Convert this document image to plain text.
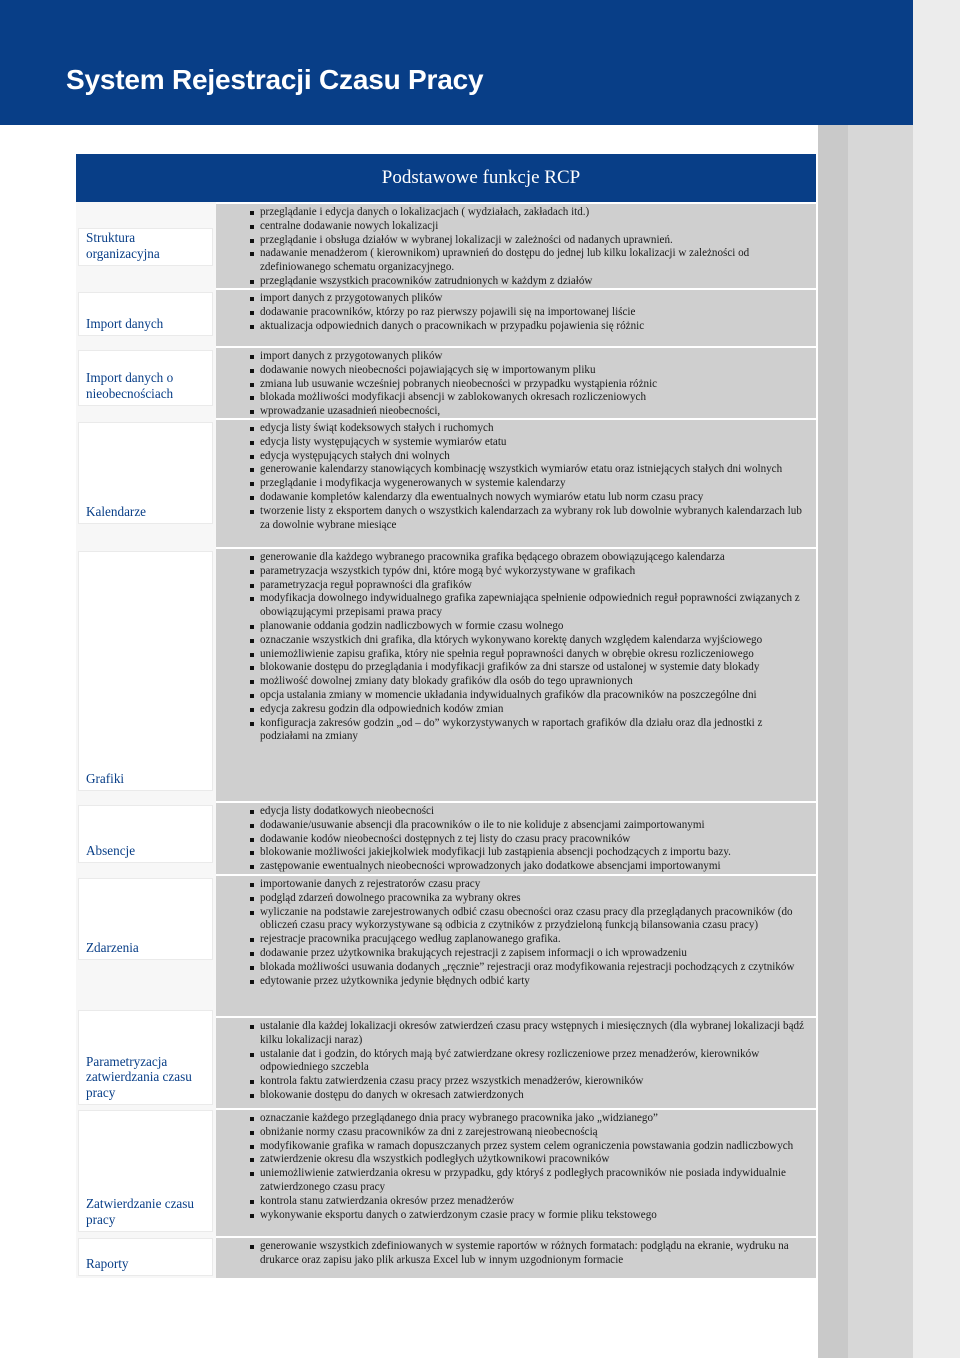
System Rejestracji Czasu Pracy
Podstawowe funkcje RCP
Struktura organizacyjna
przeglądanie i edycja danych o lokalizacjach ( wydziałach, zakładach itd.)
centralne dodawanie nowych lokalizacji
przeglądanie i obsługa działów w wybranej lokalizacji w zależności od nadanych uprawnień.
nadawanie menadżerom ( kierownikom) uprawnień do dostępu do jednej lub kilku lokalizacji w zależności od zdefiniowanego schematu organizacyjnego.
przeglądanie wszystkich pracowników zatrudnionych w każdym z działów
Import danych
import danych z przygotowanych plików
dodawanie pracowników, którzy po raz pierwszy pojawili się na importowanej liście
aktualizacja odpowiednich danych o pracownikach w przypadku pojawienia się różnic
Import danych o nieobecnościach
import danych z przygotowanych plików
dodawanie nowych nieobecności pojawiających się w importowanym pliku
zmiana lub usuwanie wcześniej pobranych nieobecności w przypadku wystąpienia różnic
blokada możliwości modyfikacji absencji w zablokowanych okresach rozliczeniowych
wprowadzanie uzasadnień nieobecności,
Kalendarze
edycja listy świąt kodeksowych stałych i ruchomych
edycja listy występujących w systemie wymiarów etatu
edycja występujących stałych dni wolnych
generowanie kalendarzy stanowiących kombinację wszystkich wymiarów etatu oraz istniejących stałych dni wolnych
przeglądanie i modyfikacja wygenerowanych w systemie kalendarzy
dodawanie kompletów kalendarzy dla ewentualnych nowych wymiarów etatu lub norm czasu pracy
tworzenie listy z eksportem danych o wszystkich kalendarzach za wybrany rok lub dowolnie wybranych kalendarzach lub za dowolnie wybrane miesiące
Grafiki
generowanie dla każdego wybranego pracownika grafika będącego obrazem obowiązującego kalendarza
parametryzacja wszystkich typów dni, które mogą być wykorzystywane w grafikach
parametryzacja reguł poprawności dla grafików
modyfikacja dowolnego indywidualnego grafika zapewniająca spełnienie odpowiednich reguł poprawności związanych z obowiązującymi przepisami prawa pracy
planowanie oddania godzin nadliczbowych w formie czasu wolnego
oznaczanie wszystkich dni grafika, dla których wykonywano korektę danych względem kalendarza wyjściowego
uniemożliwienie zapisu grafika, który nie spełnia reguł poprawności danych w obrębie okresu rozliczeniowego
blokowanie dostępu do przeglądania i modyfikacji grafików za dni starsze od ustalonej w systemie daty blokady
możliwość dowolnej zmiany daty blokady grafików dla osób do tego uprawnionych
opcja ustalania zmiany w momencie układania indywidualnych grafików dla pracowników na poszczególne dni
edycja zakresu godzin dla odpowiednich kodów zmian
konfiguracja zakresów godzin „od – do” wykorzystywanych w raportach grafików dla działu oraz dla jednostki z podziałami na zmiany
Absencje
edycja listy dodatkowych nieobecności
dodawanie/usuwanie absencji dla pracowników o ile to nie koliduje z absencjami zaimportowanymi
dodawanie kodów nieobecności dostępnych z tej listy do czasu pracy pracowników
blokowanie możliwości jakiejkolwiek modyfikacji lub zastąpienia absencji pochodzących z importu bazy.
zastępowanie ewentualnych nieobecności wprowadzonych jako dodatkowe absencjami importowanymi
Zdarzenia
importowanie danych z rejestratorów czasu pracy
podgląd zdarzeń dowolnego pracownika za wybrany okres
wyliczanie na podstawie zarejestrowanych odbić czasu obecności oraz czasu pracy dla przeglądanych pracowników (do obliczeń czasu pracy wykorzystywane są odbicia z czytników z przydzieloną funkcją bilansowania czasu pracy)
rejestracje pracownika pracującego według zaplanowanego grafika.
dodawanie przez użytkownika brakujących rejestracji z zapisem informacji o ich wprowadzeniu
blokada możliwości usuwania dodanych „ręcznie” rejestracji oraz modyfikowania rejestracji pochodzących z czytników
edytowanie przez użytkownika jedynie błędnych odbić karty
Parametryzacja zatwierdzania czasu pracy
ustalanie dla każdej lokalizacji okresów zatwierdzeń czasu pracy wstępnych i miesięcznych (dla wybranej lokalizacji bądź kilku lokalizacji naraz)
ustalanie dat i godzin, do których mają być zatwierdzane okresy rozliczeniowe przez menadżerów, kierowników odpowiedniego szczebla
kontrola faktu zatwierdzenia czasu pracy przez wszystkich menadżerów, kierowników
blokowanie dostępu do danych w okresach zatwierdzonych
Zatwierdzanie czasu pracy
oznaczanie każdego przeglądanego dnia pracy wybranego pracownika jako „widzianego”
obniżanie normy czasu pracowników za dni z zarejestrowaną nieobecnością
modyfikowanie grafika w ramach dopuszczanych przez system celem ograniczenia powstawania godzin nadliczbowych
zatwierdzenie okresu dla wszystkich podległych użytkownikowi pracowników
uniemożliwienie zatwierdzania okresu w przypadku, gdy któryś z podległych pracowników nie posiada indywidualnie zatwierdzonego czasu pracy
kontrola stanu zatwierdzania okresów przez menadżerów
wykonywanie eksportu danych o zatwierdzonym czasie pracy w formie pliku tekstowego
Raporty
generowanie wszystkich zdefiniowanych w systemie raportów w różnych formatach: podglądu na ekranie, wydruku na drukarce oraz zapisu jako plik arkusza Excel lub w innym uzgodnionym formacie
